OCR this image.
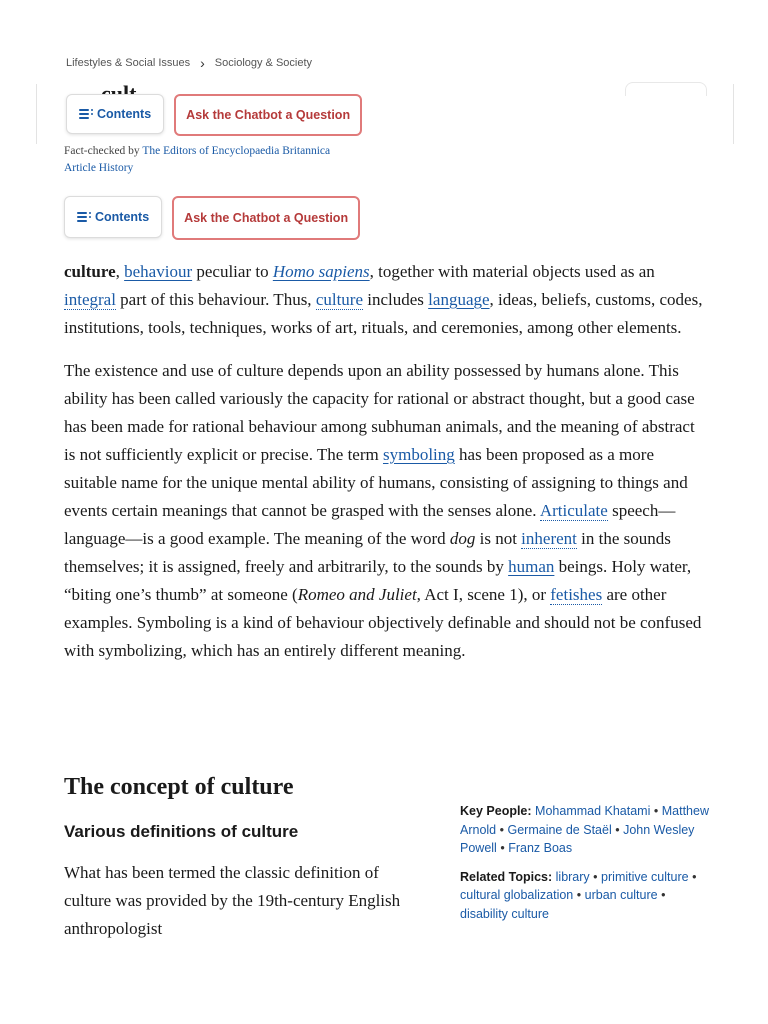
Lifestyles & Social Issues › Sociology & Society
Contents	Ask the Chatbot a Question
Fact-checked by The Editors of Encyclopaedia Britannica
Article History
Contents	Ask the Chatbot a Question

culture, behaviour peculiar to Homo sapiens, together with material objects used as an integral part of this behaviour. Thus, culture includes language, ideas, beliefs, customs, codes, institutions, tools, techniques, works of art, rituals, and ceremonies, among other elements.

The existence and use of culture depends upon an ability possessed by humans alone. This ability has been called variously the capacity for rational or abstract thought, but a good case has been made for rational behaviour among subhuman animals, and the meaning of abstract is not sufficiently explicit or precise. The term symboling has been proposed as a more suitable name for the unique mental ability of humans, consisting of assigning to things and events certain meanings that cannot be grasped with the senses alone. Articulate speech—language—is a good example. The meaning of the word dog is not inherent in the sounds themselves; it is assigned, freely and arbitrarily, to the sounds by human beings. Holy water, “biting one’s thumb” at someone (Romeo and Juliet, Act I, scene 1), or fetishes are other examples. Symboling is a kind of behaviour objectively definable and should not be confused with symbolizing, which has an entirely different meaning.

The concept of culture
Various definitions of culture
What has been termed the classic definition of culture was provided by the 19th-century English anthropologist
Key People: Mohammad Khatami • Matthew Arnold • Germaine de Staël • John Wesley Powell • Franz Boas
Related Topics: library • primitive culture • cultural globalization • urban culture • disability culture
